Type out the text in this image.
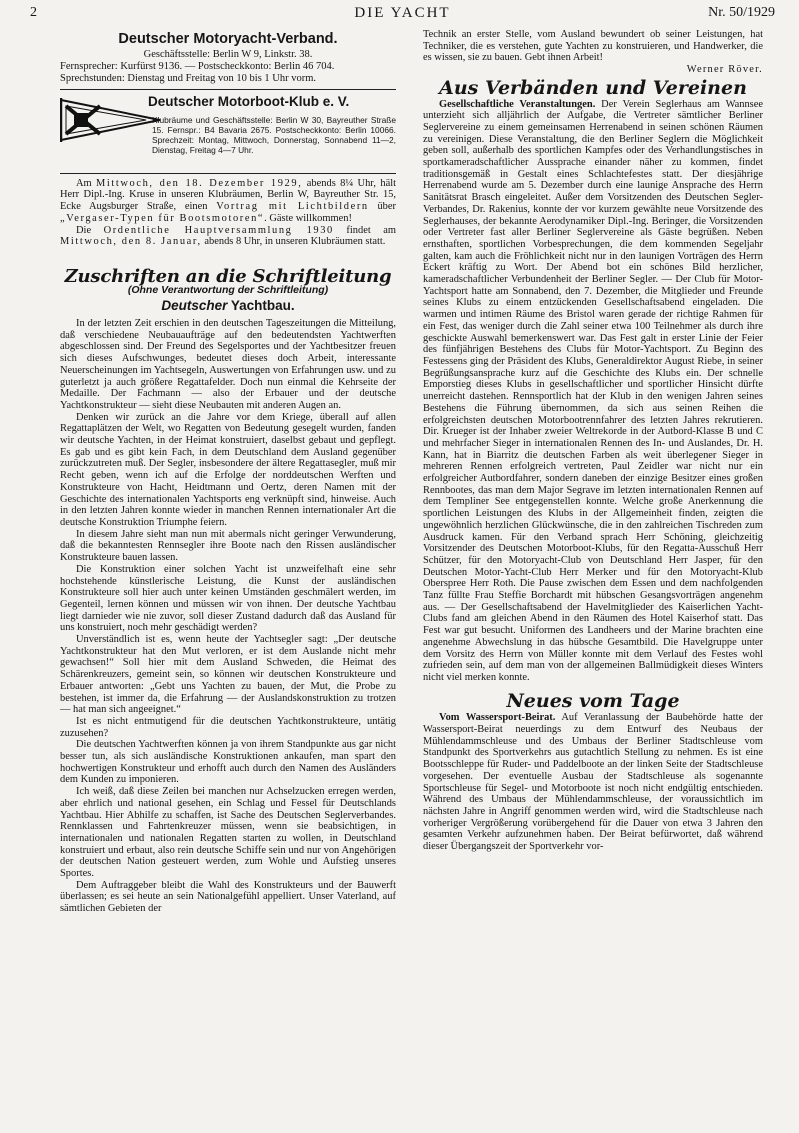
2	DIE YACHT	Nr. 50/1929
Deutscher Motoryacht-Verband.
Geschäftsstelle: Berlin W 9, Linkstr. 38.
Fernsprecher: Kurfürst 9136. — Postscheckkonto: Berlin 46 704.
Sprechstunden: Dienstag und Freitag von 10 bis 1 Uhr vorm.
Deutscher Motorboot-Klub e. V.
Klubräume und Geschäftsstelle: Berlin W 30, Bayreuther Straße 15. Fernspr.: B4 Bavaria 2675. Postscheckkonto: Berlin 10066. Sprechzeit: Montag, Mittwoch, Donnerstag, Sonnabend 11—2, Dienstag, Freitag 4—7 Uhr.

Am Mittwoch, den 18. Dezember 1929, abends 8¼ Uhr, hält Herr Dipl.-Ing. Kruse in unseren Klubräumen, Berlin W, Bayreuther Str. 15, Ecke Augsburger Straße, einen Vortrag mit Lichtbildern über „Vergaser-Typen für Bootsmotoren“. Gäste willkommen!

Die Ordentliche Hauptversammlung 1930 findet am Mittwoch, den 8. Januar, abends 8 Uhr, in unseren Klubräumen statt.

Zuschriften an die Schriftleitung
(Ohne Verantwortung der Schriftleitung)
Deutscher Yachtbau.

In der letzten Zeit erschien in den deutschen Tageszeitungen die Mitteilung, daß verschiedene Neubauaufträge auf den bedeutendsten Yachtwerften abgeschlossen sind. Der Freund des Segelsportes und der Yachtbesitzer freuen sich dieses Aufschwunges, bedeutet dieses doch Arbeit, interessante Neuerscheinungen im Yachtsegeln, Auswertungen von Erfahrungen usw. und zu guterletzt ja auch größere Regattafelder. Doch nun einmal die Kehrseite der Medaille. Der Fachmann — also der Erbauer und der deutsche Yachtkonstrukteur — sieht diese Neubauten mit anderen Augen an.

Denken wir zurück an die Jahre vor dem Kriege, überall auf allen Regattaplätzen der Welt, wo Regatten von Bedeutung gesegelt wurden, fanden wir deutsche Yachten, in der Heimat konstruiert, daselbst gebaut und gepflegt. Es gab und es gibt kein Fach, in dem Deutschland dem Ausland gegenüber zurückzutreten muß. Der Segler, insbesondere der ältere Regattasegler, muß mir Recht geben, wenn ich auf die Erfolge der norddeutschen Werften und Konstrukteure von Hacht, Heidtmann und Oertz, deren Namen mit der Geschichte des internationalen Yachtsports eng verknüpft sind, hinweise. Auch in den letzten Jahren konnte wieder in manchen Rennen internationaler Art die deutsche Konstruktion Triumphe feiern.

In diesem Jahre sieht man nun mit abermals nicht geringer Verwunderung, daß die bekanntesten Rennsegler ihre Boote nach den Rissen ausländischer Konstrukteure bauen lassen.

Die Konstruktion einer solchen Yacht ist unzweifelhaft eine sehr hochstehende künstlerische Leistung, die Kunst der ausländischen Konstrukteure soll hier auch unter keinen Umständen geschmälert werden, im Gegenteil, lernen können und müssen wir von ihnen. Der deutsche Yachtbau liegt darnieder wie nie zuvor, soll dieser Zustand dadurch daß das Ausland für uns konstruiert, noch mehr geschädigt werden?

Unverständlich ist es, wenn heute der Yachtsegler sagt: „Der deutsche Yachtkonstrukteur hat den Mut verloren, er ist dem Auslande nicht mehr gewachsen!“ Soll hier mit dem Ausland Schweden, die Heimat des Schärenkreuzers, gemeint sein, so können wir deutschen Konstrukteure und Erbauer antworten: „Gebt uns Yachten zu bauen, der Mut, die Probe zu bestehen, ist immer da, die Erfahrung — der Auslandskonstruktion zu trotzen — hat man sich angeeignet.“

Ist es nicht entmutigend für die deutschen Yachtkonstrukteure, untätig zuzusehen?

Die deutschen Yachtwerften können ja von ihrem Standpunkte aus gar nicht besser tun, als sich ausländische Konstruktionen ankaufen, man spart den hochwertigen Konstrukteur und erhofft auch durch den Namen des Ausländers dem Kunden zu imponieren.

Ich weiß, daß diese Zeilen bei manchen nur Achselzucken erregen werden, aber ehrlich und national gesehen, ein Schlag und Fessel für Deutschlands Yachtbau. Hier Abhilfe zu schaffen, ist Sache des Deutschen Seglerverbandes. Rennklassen und Fahrtenkreuzer müssen, wenn sie beabsichtigen, in internationalen und nationalen Regatten starten zu wollen, in Deutschland konstruiert und erbaut, also rein deutsche Schiffe sein und nur von Angehörigen der deutschen Nation gesteuert werden, zum Wohle und Aufstieg unseres Sportes.

Dem Auftraggeber bleibt die Wahl des Konstrukteurs und der Bauwerft überlassen; es sei heute an sein Nationalgefühl appelliert. Unser Vaterland, auf sämtlichen Gebieten der

Technik an erster Stelle, vom Ausland bewundert ob seiner Leistungen, hat Techniker, die es verstehen, gute Yachten zu konstruieren, und Handwerker, die es wissen, sie zu bauen. Gebt ihnen Arbeit!

Werner Röver.

Aus Verbänden und Vereinen

Gesellschaftliche Veranstaltungen. Der Verein Seglerhaus am Wannsee unterzieht sich alljährlich der Aufgabe, die Vertreter sämtlicher Berliner Seglervereine zu einem gemeinsamen Herrenabend in seinen schönen Räumen zu vereinigen. Diese Veranstaltung, die den Berliner Seglern die Möglichkeit geben soll, außerhalb des sportlichen Kampfes oder des Verhandlungstisches in sportkameradschaftlicher Aussprache einander näher zu kommen, findet traditionsgemäß in Gestalt eines Schlachtefestes statt. Der diesjährige Herrenabend wurde am 5. Dezember durch eine launige Ansprache des Herrn Sanitätsrat Brasch eingeleitet. Außer dem Vorsitzenden des Deutschen Segler-Verbandes, Dr. Rakenius, konnte der vor kurzem gewählte neue Vorsitzende des Seglerhauses, der bekannte Aerodynamiker Dipl.-Ing. Beringer, die Vorsitzenden oder Vertreter fast aller Berliner Seglervereine als Gäste begrüßen. Neben ernsthaften, sportlichen Vorbesprechungen, die dem kommenden Segeljahr galten, kam auch die Fröhlichkeit nicht nur in den launigen Vorträgen des Herrn Eckert kräftig zu Wort. Der Abend bot ein schönes Bild herzlicher, kameradschaftlicher Verbundenheit der Berliner Segler. — Der Club für Motor-Yachtsport hatte am Sonnabend, den 7. Dezember, die Mitglieder und Freunde seines Klubs zu einem entzückenden Gesellschaftsabend eingeladen. Die warmen und intimen Räume des Bristol waren gerade der richtige Rahmen für ein Fest, das weniger durch die Zahl seiner etwa 100 Teilnehmer als durch ihre geschickte Auswahl bemerkenswert war. Das Fest galt in erster Linie der Feier des fünfjährigen Bestehens des Clubs für Motor-Yachtsport. Zu Beginn des Festessens ging der Präsident des Klubs, Generaldirektor August Riebe, in seiner Begrüßungsansprache kurz auf die Geschichte des Klubs ein. Der schnelle Emporstieg dieses Klubs in gesellschaftlicher und sportlicher Hinsicht dürfte unerreicht dastehen. Rennsportlich hat der Klub in den wenigen Jahren seines Bestehens die Führung übernommen, da sich aus seinen Reihen die erfolgreichsten deutschen Motorbootrennfahrer des letzten Jahres rekrutieren. Dir. Krueger ist der Inhaber zweier Weltrekorde in der Autbord-Klasse B und C und mehrfacher Sieger in internationalen Rennen des In- und Auslandes, Dr. H. Kann, hat in Biarritz die deutschen Farben als weit überlegener Sieger in mehreren Rennen erfolgreich vertreten, Paul Zeidler war nicht nur ein erfolgreicher Autbordfahrer, sondern daneben der einzige Besitzer eines großen Rennbootes, das man dem Major Segrave im letzten internationalen Rennen auf dem Templiner See entgegenstellen konnte. Welche große Anerkennung die sportlichen Leistungen des Klubs in der Allgemeinheit finden, zeigten die ungewöhnlich herzlichen Glückwünsche, die in den zahlreichen Tischreden zum Ausdruck kamen. Für den Verband sprach Herr Schöning, gleichzeitig Vorsitzender des Deutschen Motorboot-Klubs, für den Regatta-Ausschuß Herr Schützer, für den Motoryacht-Club von Deutschland Herr Jasper, für den Deutschen Motor-Yacht-Club Herr Merker und für den Motoryacht-Klub Oberspree Herr Roth. Die Pause zwischen dem Essen und dem nachfolgenden Tanz füllte Frau Steffie Borchardt mit hübschen Gesangsvorträgen angenehm aus. — Der Gesellschaftsabend der Havelmitglieder des Kaiserlichen Yacht-Clubs fand am gleichen Abend in den Räumen des Hotel Kaiserhof statt. Das Fest war gut besucht. Uniformen des Landheers und der Marine brachten eine angenehme Abwechslung in das hübsche Gesamtbild. Die Havelgruppe unter dem Vorsitz des Herrn von Müller konnte mit dem Verlauf des Festes wohl zufrieden sein, auf dem man von der allgemeinen Ballmüdigkeit dieses Winters nicht viel merken konnte.

Neues vom Tage

Vom Wassersport-Beirat. Auf Veranlassung der Baubehörde hatte der Wassersport-Beirat neuerdings zu dem Entwurf des Neubaus der Mühlendammschleuse und des Umbaus der Berliner Stadtschleuse vom Standpunkt des Sportverkehrs aus gutachtlich Stellung zu nehmen. Es ist eine Bootsschleppe für Ruder- und Paddelboote an der linken Seite der Stadtschleuse vorgesehen. Der eventuelle Ausbau der Stadtschleuse als sogenannte Sportschleuse für Segel- und Motorboote ist noch nicht endgültig entschieden. Während des Umbaus der Mühlendammschleuse, der voraussichtlich im nächsten Jahre in Angriff genommen werden wird, wird die Stadtschleuse nach vorheriger Vergrößerung vorübergehend für die Dauer von etwa 3 Jahren den gesamten Verkehr aufzunehmen haben. Der Beirat befürwortet, daß während dieser Übergangszeit der Sportverkehr vor-
